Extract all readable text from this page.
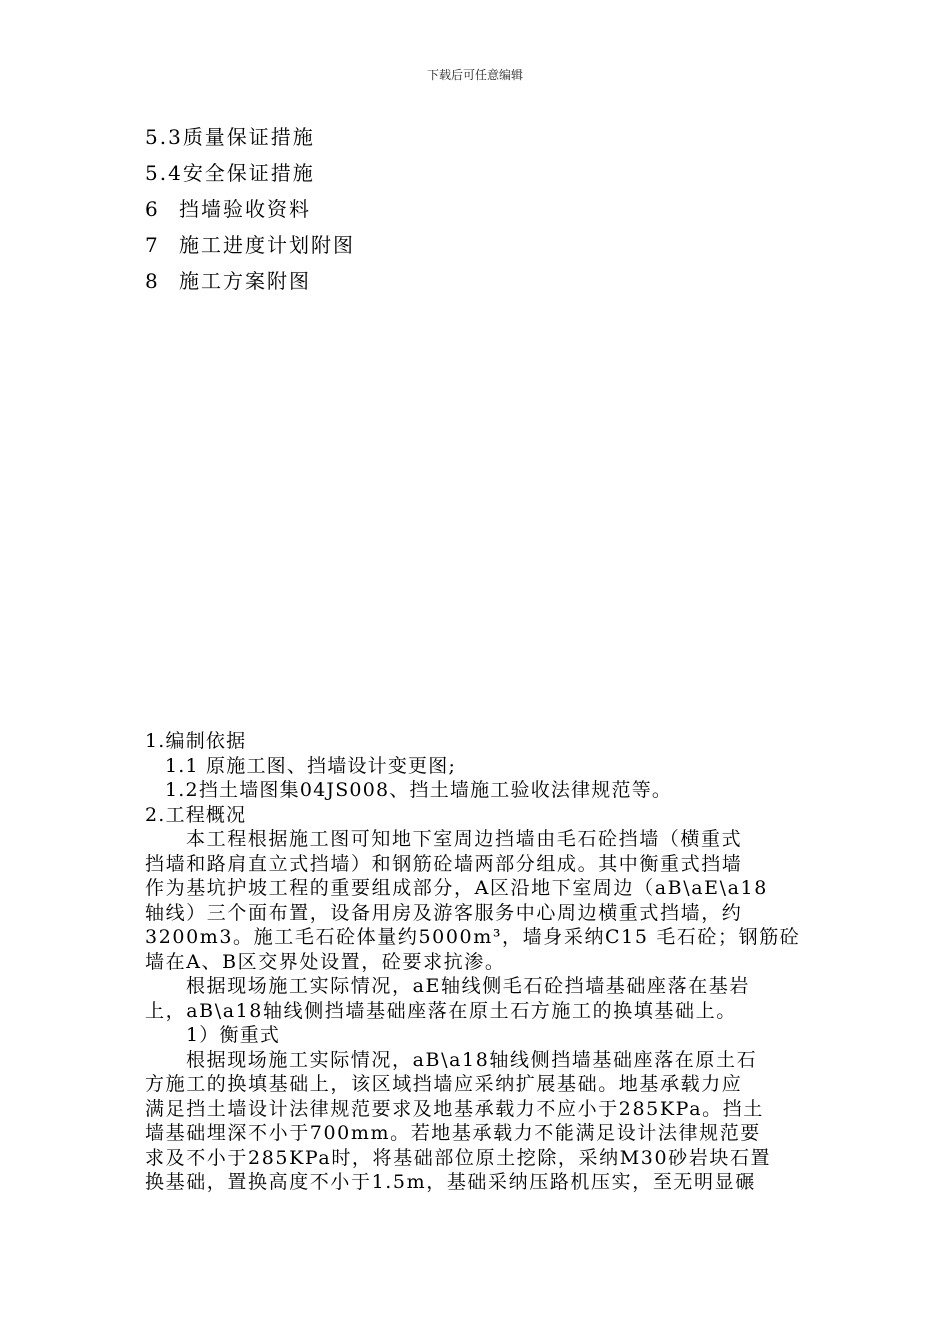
下载后可任意编辑
5.3质量保证措施
5.4安全保证措施
6 挡墙验收资料
7 施工进度计划附图
8 施工方案附图
1.编制依据
1.1 原施工图、挡墙设计变更图;
1.2挡土墙图集04JS008、挡土墙施工验收法律规范等。
2.工程概况
本工程根据施工图可知地下室周边挡墙由毛石砼挡墙（横重式
挡墙和路肩直立式挡墙）和钢筋砼墙两部分组成。其中衡重式挡墙
作为基坑护坡工程的重要组成部分，A区沿地下室周边（aB\aE\a18
轴线）三个面布置，设备用房及游客服务中心周边横重式挡墙，约
3200m3。施工毛石砼体量约5000m³，墙身采纳C15 毛石砼；钢筋砼
墙在A、B区交界处设置，砼要求抗渗。
根据现场施工实际情况，aE轴线侧毛石砼挡墙基础座落在基岩
上，aB\a18轴线侧挡墙基础座落在原土石方施工的换填基础上。
1）衡重式
根据现场施工实际情况，aB\a18轴线侧挡墙基础座落在原土石
方施工的换填基础上，该区域挡墙应采纳扩展基础。地基承载力应
满足挡土墙设计法律规范要求及地基承载力不应小于285KPa。挡土
墙基础埋深不小于700mm。若地基承载力不能满足设计法律规范要
求及不小于285KPa时，将基础部位原土挖除，采纳M30砂岩块石置
换基础，置换高度不小于1.5m，基础采纳压路机压实，至无明显碾
